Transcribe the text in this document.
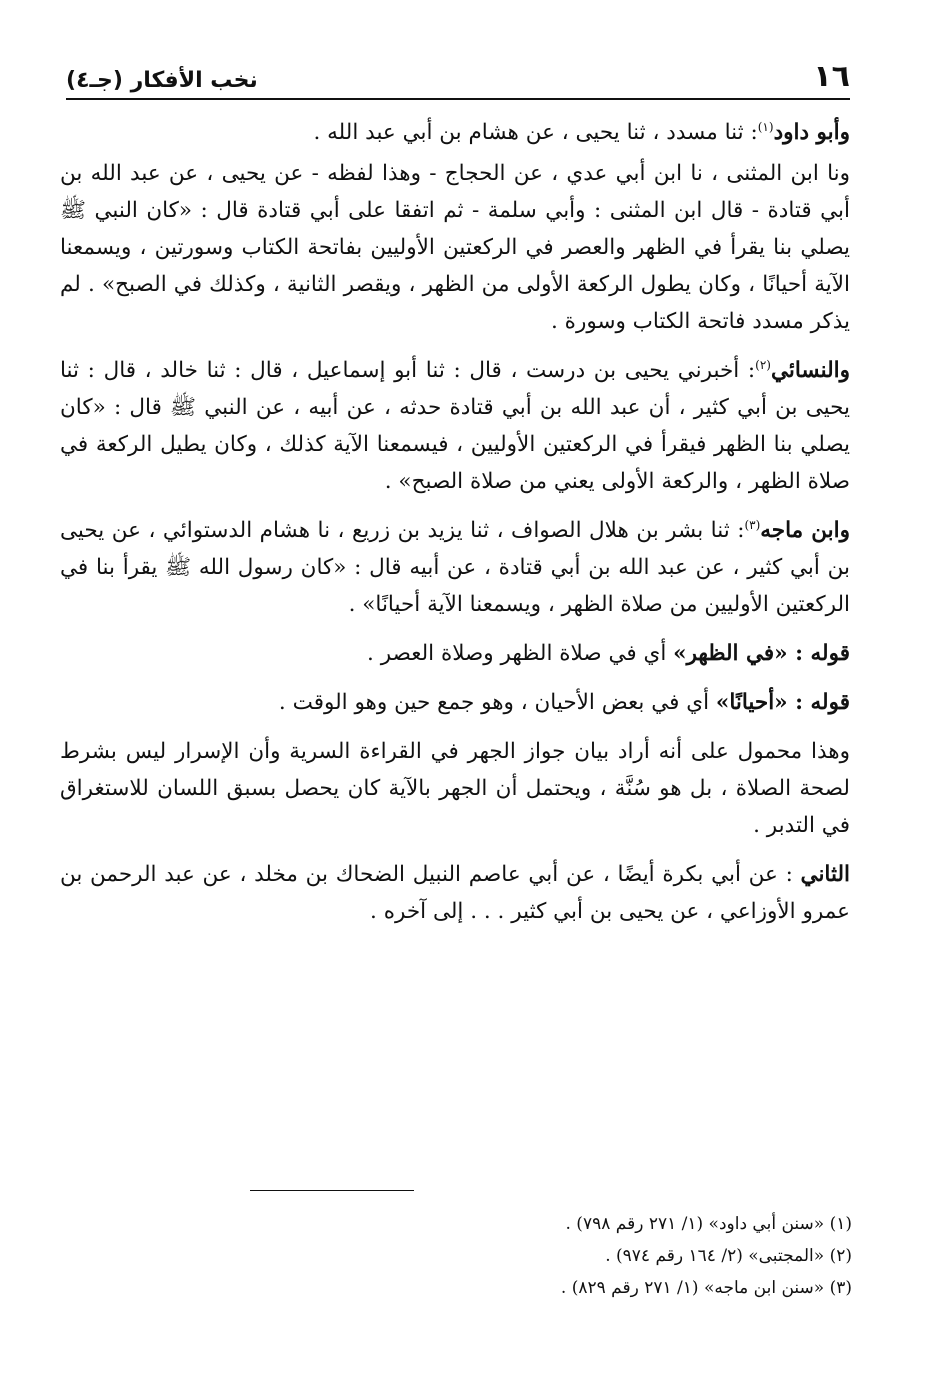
١٦
نخب الأفكار (جـ٤)

وأبو داود$^{(١)}$: ثنا مسدد ، ثنا يحيى ، عن هشام بن أبي عبد الله .

ونا ابن المثنى ، نا ابن أبي عدي ، عن الحجاج - وهذا لفظه - عن يحيى ، عن عبد الله بن أبي قتادة - قال ابن المثنى : وأبي سلمة - ثم اتفقا على أبي قتادة قال : «كان النبي ﷺ يصلي بنا يقرأ في الظهر والعصر في الركعتين الأوليين بفاتحة الكتاب وسورتين ، ويسمعنا الآية أحيانًا ، وكان يطول الركعة الأولى من الظهر ، ويقصر الثانية ، وكذلك في الصبح» . لم يذكر مسدد فاتحة الكتاب وسورة .

والنسائي$^{(٢)}$: أخبرني يحيى بن درست ، قال : ثنا أبو إسماعيل ، قال : ثنا خالد ، قال : ثنا يحيى بن أبي كثير ، أن عبد الله بن أبي قتادة حدثه ، عن أبيه ، عن النبي ﷺ قال : «كان يصلي بنا الظهر فيقرأ في الركعتين الأوليين ، فيسمعنا الآية كذلك ، وكان يطيل الركعة في صلاة الظهر ، والركعة الأولى يعني من صلاة الصبح» .

وابن ماجه$^{(٣)}$: ثنا بشر بن هلال الصواف ، ثنا يزيد بن زريع ، نا هشام الدستوائي ، عن يحيى بن أبي كثير ، عن عبد الله بن أبي قتادة ، عن أبيه قال : «كان رسول الله ﷺ يقرأ بنا في الركعتين الأوليين من صلاة الظهر ، ويسمعنا الآية أحيانًا» .

قوله : «في الظهر» أي في صلاة الظهر وصلاة العصر .

قوله : «أحيانًا» أي في بعض الأحيان ، وهو جمع حين وهو الوقت .

وهذا محمول على أنه أراد بيان جواز الجهر في القراءة السرية وأن الإسرار ليس بشرط لصحة الصلاة ، بل هو سُنَّة ، ويحتمل أن الجهر بالآية كان يحصل بسبق اللسان للاستغراق في التدبر .

الثاني : عن أبي بكرة أيضًا ، عن أبي عاصم النبيل الضحاك بن مخلد ، عن عبد الرحمن بن عمرو الأوزاعي ، عن يحيى بن أبي كثير . . . إلى آخره .

(١) «سنن أبي داود» (١/ ٢٧١ رقم ٧٩٨) .

(٢) «المجتبى» (٢/ ١٦٤ رقم ٩٧٤) .

(٣) «سنن ابن ماجه» (١/ ٢٧١ رقم ٨٢٩) .
